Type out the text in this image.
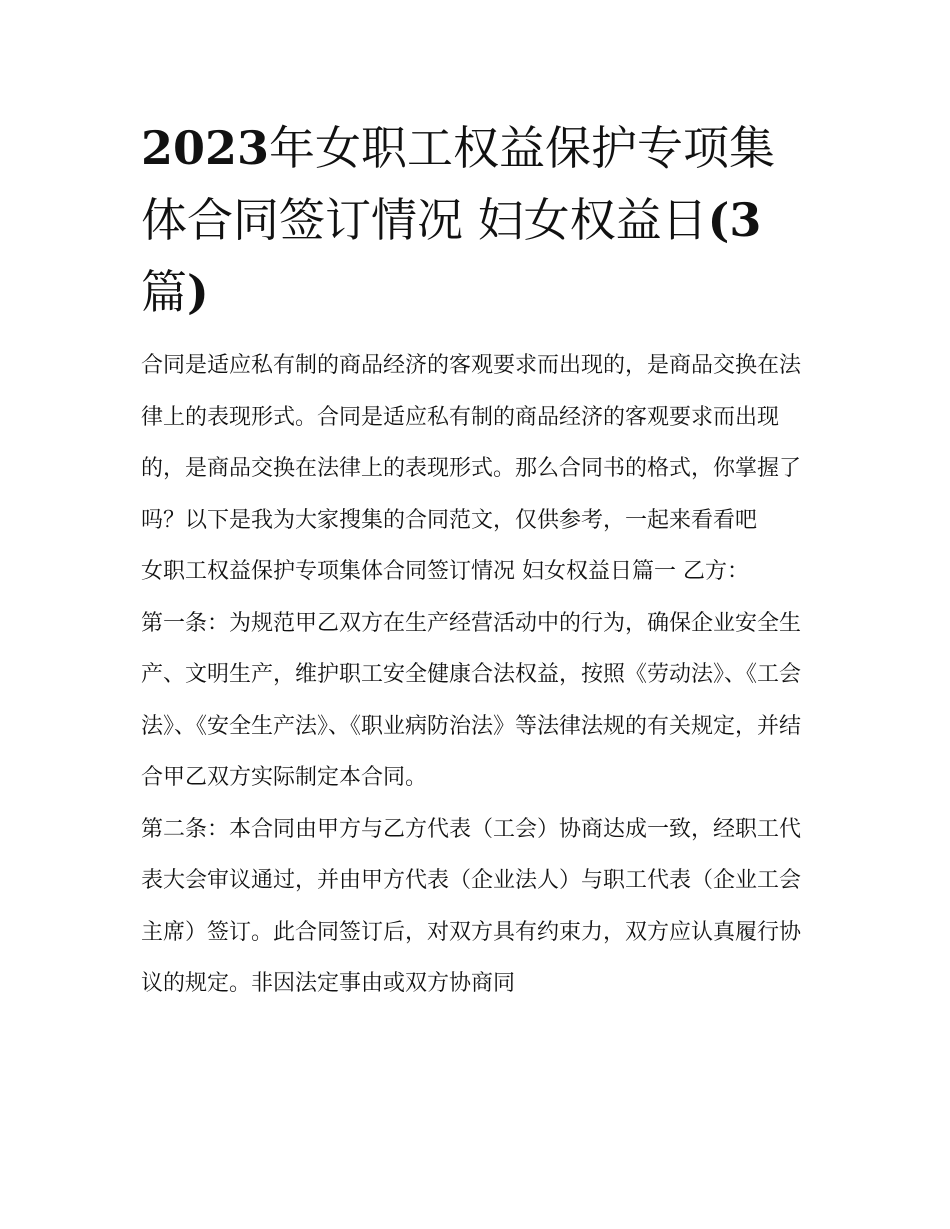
2023年女职工权益保护专项集体合同签订情况 妇女权益日(3篇)

合同是适应私有制的商品经济的客观要求而出现的，是商品交换在法律上的表现形式。合同是适应私有制的商品经济的客观要求而出现的，是商品交换在法律上的表现形式。那么合同书的格式，你掌握了吗？以下是我为大家搜集的合同范文，仅供参考，一起来看看吧

女职工权益保护专项集体合同签订情况 妇女权益日篇一 乙方：

第一条：为规范甲乙双方在生产经营活动中的行为，确保企业安全生产、文明生产，维护职工安全健康合法权益，按照《劳动法》、《工会法》、《安全生产法》、《职业病防治法》等法律法规的有关规定，并结合甲乙双方实际制定本合同。

第二条：本合同由甲方与乙方代表（工会）协商达成一致，经职工代表大会审议通过，并由甲方代表（企业法人）与职工代表（企业工会主席）签订。此合同签订后，对双方具有约束力，双方应认真履行协议的规定。非因法定事由或双方协商同
